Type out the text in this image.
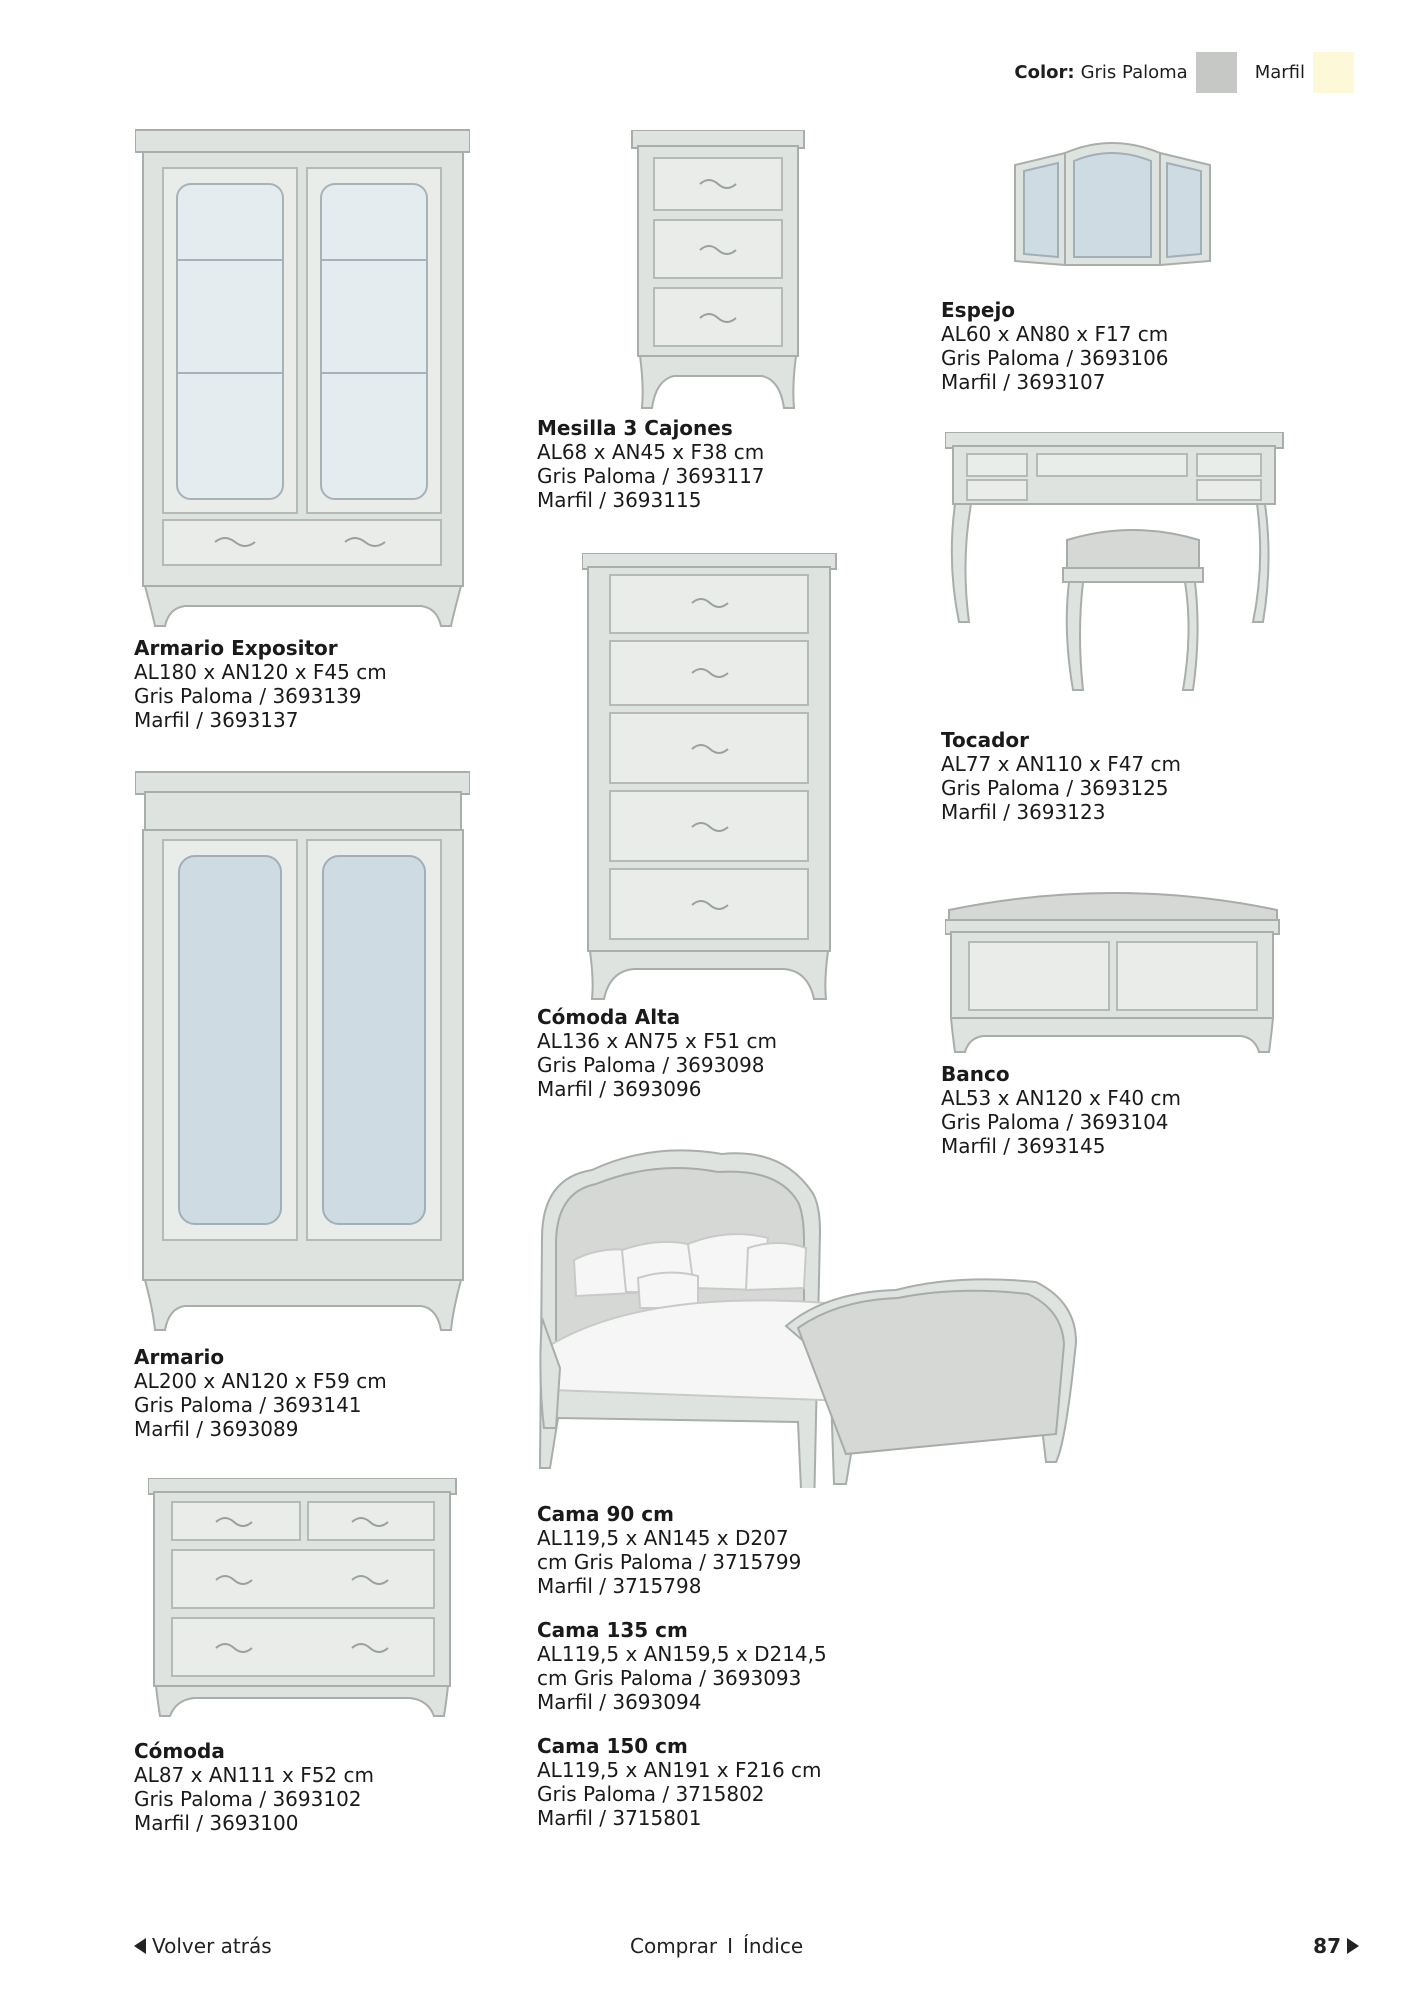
Color: Gris Paloma	Marfil
Armario Expositor
AL180 x AN120 x F45 cm
Gris Paloma / 3693139
Marfil / 3693137
Mesilla 3 Cajones
AL68 x AN45 x F38 cm
Gris Paloma / 3693117
Marfil / 3693115
Espejo
AL60 x AN80 x F17 cm
Gris Paloma / 3693106
Marfil / 3693107
Tocador
AL77 x AN110 x F47 cm
Gris Paloma / 3693125
Marfil / 3693123
Cómoda Alta
AL136 x AN75 x F51 cm
Gris Paloma / 3693098
Marfil / 3693096
Banco
AL53 x AN120 x F40 cm
Gris Paloma / 3693104
Marfil / 3693145
Armario
AL200 x AN120 x F59 cm
Gris Paloma / 3693141
Marfil / 3693089
Cómoda
AL87 x AN111 x F52 cm
Gris Paloma / 3693102
Marfil / 3693100
Cama 90 cm
AL119,5 x AN145 x D207
cm Gris Paloma / 3715799
Marfil / 3715798
Cama 135 cm
AL119,5 x AN159,5 x D214,5
cm Gris Paloma / 3693093
Marfil / 3693094
Cama 150 cm
AL119,5 x AN191 x F216 cm
Gris Paloma / 3715802
Marfil / 3715801
Volver atrás	Comprar I Índice	87
